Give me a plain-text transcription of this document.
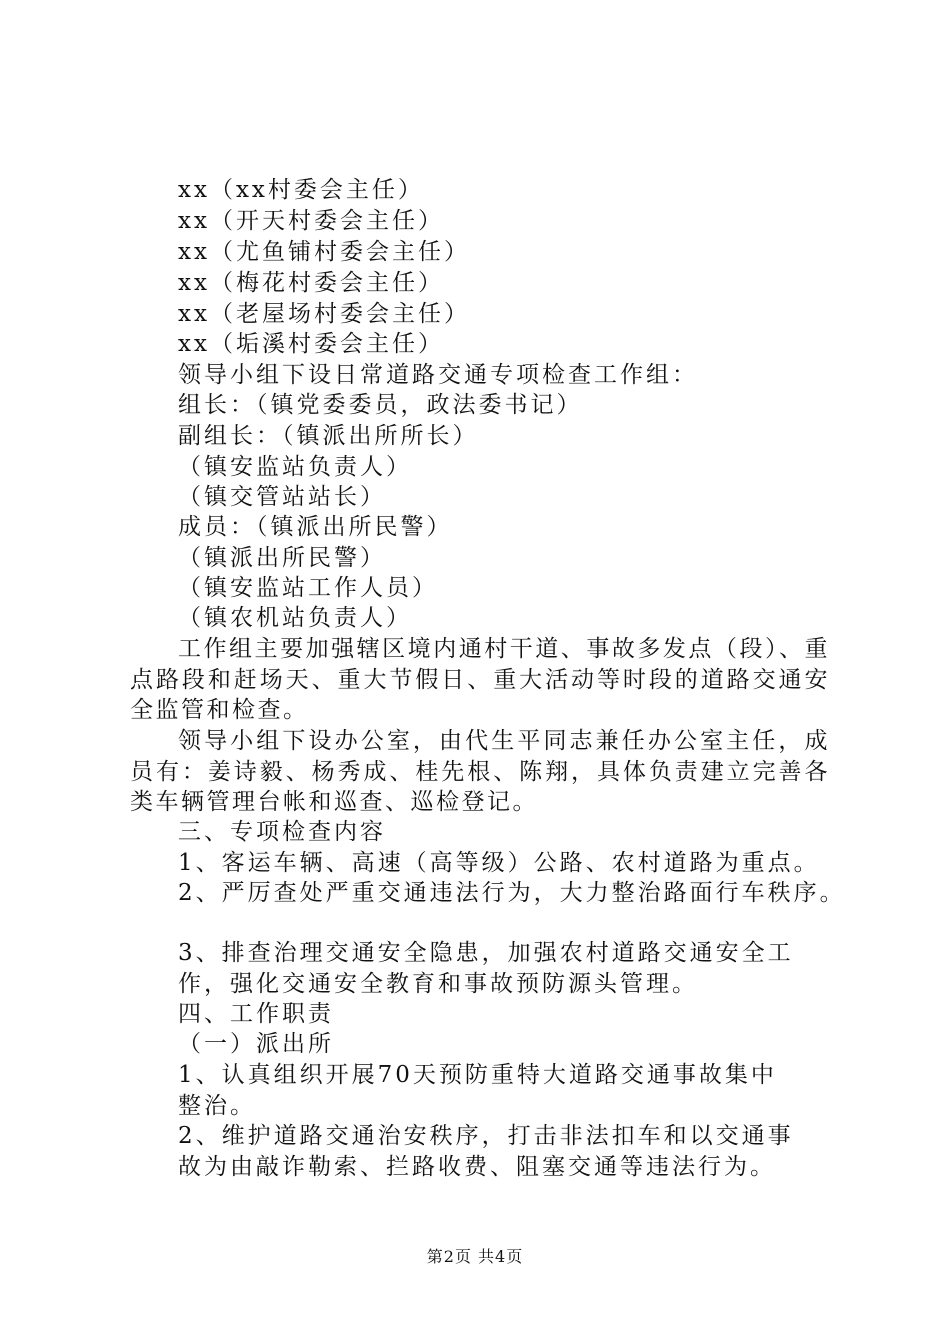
xx（xx村委会主任）
xx（开天村委会主任）
xx（尤鱼铺村委会主任）
xx（梅花村委会主任）
xx（老屋场村委会主任）
xx（垢溪村委会主任）
领导小组下设日常道路交通专项检查工作组：
组长：（镇党委委员，政法委书记）
副组长：（镇派出所所长）
（镇安监站负责人）
（镇交管站站长）
成员：（镇派出所民警）
（镇派出所民警）
（镇安监站工作人员）
（镇农机站负责人）
工作组主要加强辖区境内通村干道、事故多发点（段）、重点路段和赶场天、重大节假日、重大活动等时段的道路交通安全监管和检查。
领导小组下设办公室，由代生平同志兼任办公室主任，成员有：姜诗毅、杨秀成、桂先根、陈翔，具体负责建立完善各类车辆管理台帐和巡查、巡检登记。
三、专项检查内容
1、客运车辆、高速（高等级）公路、农村道路为重点。
2、严厉查处严重交通违法行为，大力整治路面行车秩序。
3、排查治理交通安全隐患，加强农村道路交通安全工
作，强化交通安全教育和事故预防源头管理。
四、工作职责
（一）派出所
1、认真组织开展70天预防重特大道路交通事故集中
整治。
2、维护道路交通治安秩序，打击非法扣车和以交通事
故为由敲诈勒索、拦路收费、阻塞交通等违法行为。
第2页 共4页
